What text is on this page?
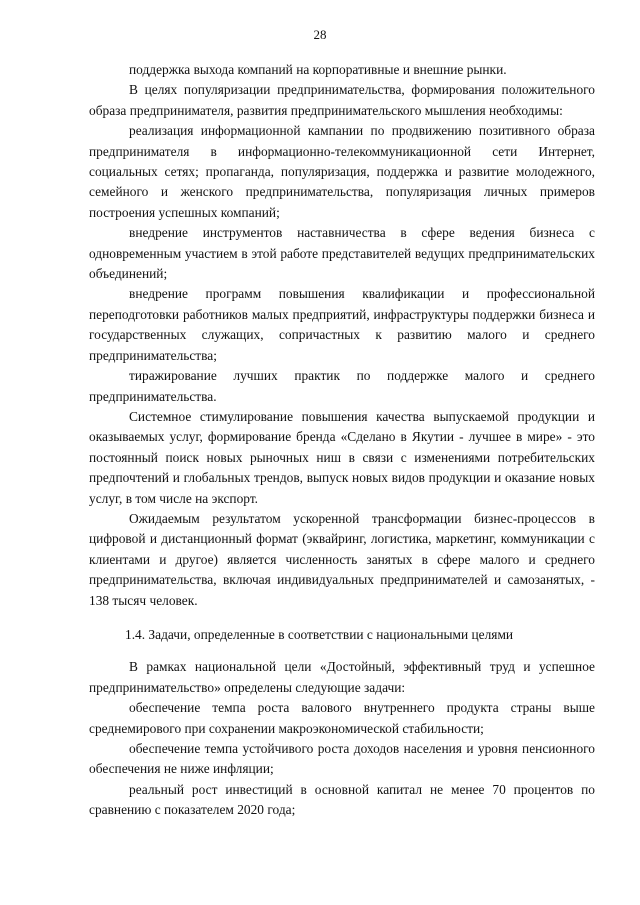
28

поддержка выхода компаний на корпоративные и внешние рынки.

В целях популяризации предпринимательства, формирования положительного образа предпринимателя, развития предпринимательского мышления необходимы:

реализация информационной кампании по продвижению позитивного образа предпринимателя в информационно-телекоммуникационной сети Интернет, социальных сетях; пропаганда, популяризация, поддержка и развитие молодежного, семейного и женского предпринимательства, популяризация личных примеров построения успешных компаний;

внедрение инструментов наставничества в сфере ведения бизнеса с одновременным участием в этой работе представителей ведущих предпринимательских объединений;

внедрение программ повышения квалификации и профессиональной переподготовки работников малых предприятий, инфраструктуры поддержки бизнеса и государственных служащих, сопричастных к развитию малого и среднего предпринимательства;

тиражирование лучших практик по поддержке малого и среднего предпринимательства.

Системное стимулирование повышения качества выпускаемой продукции и оказываемых услуг, формирование бренда «Сделано в Якутии - лучшее в мире» - это постоянный поиск новых рыночных ниш в связи с изменениями потребительских предпочтений и глобальных трендов, выпуск новых видов продукции и оказание новых услуг, в том числе на экспорт.

Ожидаемым результатом ускоренной трансформации бизнес-процессов в цифровой и дистанционный формат (эквайринг, логистика, маркетинг, коммуникации с клиентами и другое) является численность занятых в сфере малого и среднего предпринимательства, включая индивидуальных предпринимателей и самозанятых, - 138 тысяч человек.

1.4. Задачи, определенные в соответствии с национальными целями

В рамках национальной цели «Достойный, эффективный труд и успешное предпринимательство» определены следующие задачи:

обеспечение темпа роста валового внутреннего продукта страны выше среднемирового при сохранении макроэкономической стабильности;

обеспечение темпа устойчивого роста доходов населения и уровня пенсионного обеспечения не ниже инфляции;

реальный рост инвестиций в основной капитал не менее 70 процентов по сравнению с показателем 2020 года;
